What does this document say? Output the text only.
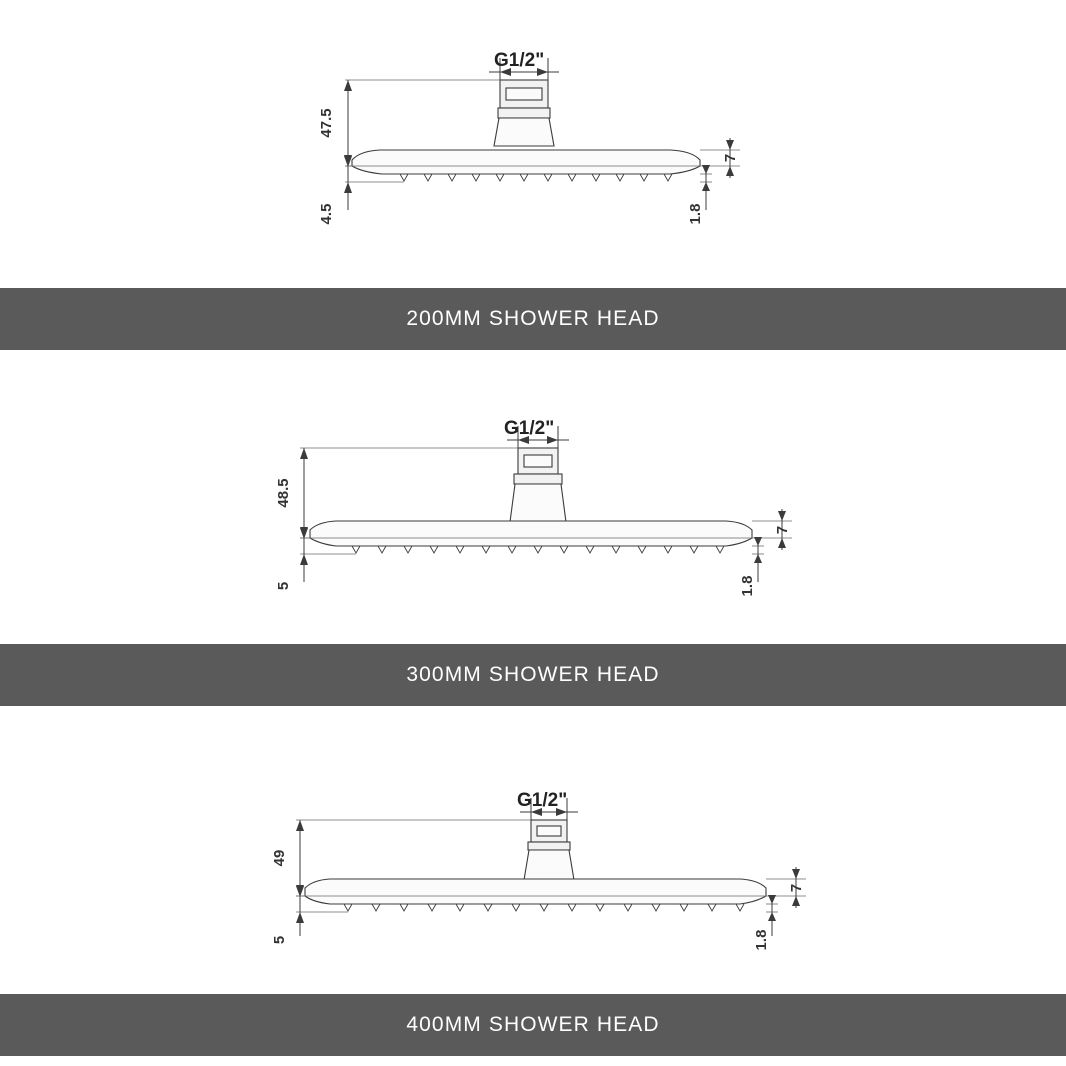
G1/2"
47.5
4.5
7
1.8
200MM SHOWER HEAD
G1/2"
48.5
5
7
1.8
300MM SHOWER HEAD
G1/2"
49
5
7
1.8
400MM SHOWER HEAD
